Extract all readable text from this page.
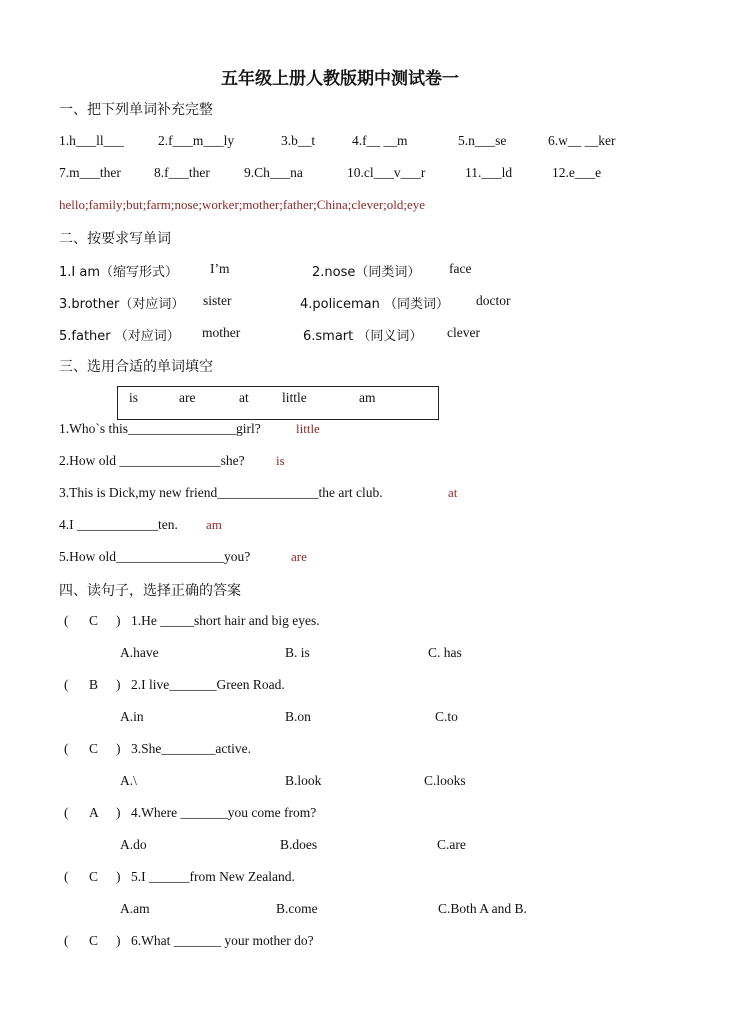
五年级上册人教版期中测试卷一
一、把下列单词补充完整
1.h___ll___	2.f___m___ly	3.b__t	4.f__ __m	5.n___se	6.w__ __ker
7.m___ther 8.f___ther	9.Ch___na	10.cl___v___r	11.___ld	12.e___e
hello;family;but;farm;nose;worker;mother;father;China;clever;old;eye
二、按要求写单词
1.I am（缩写形式） I’m	2.nose（同类词） face
3.brother（对应词） sister	4.policeman （同类词） doctor
5.father （对应词） mother	6.smart （同义词） clever
三、选用合适的单词填空
is	are	at little	am
1.Who`s this________________girl?	little
2.How old _______________she? is
3.This is Dick,my new friend_______________the art club.	at
4.I ____________ten. am
5.How old________________you?	are
四、读句子，选择正确的答案
( C ) 1.He _____short hair and big eyes.
A.have	B. is	C. has
( B ) 2.I live_______Green Road.
A.in	B.on	C.to
( C ) 3.She________active.
A.\	B.look	C.looks
( A ) 4.Where _______you come from?
A.do	B.does	C.are
( C ) 5.I ______from New Zealand.
A.am	B.come	C.Both A and B.
( C ) 6.What _______ your mother do?
